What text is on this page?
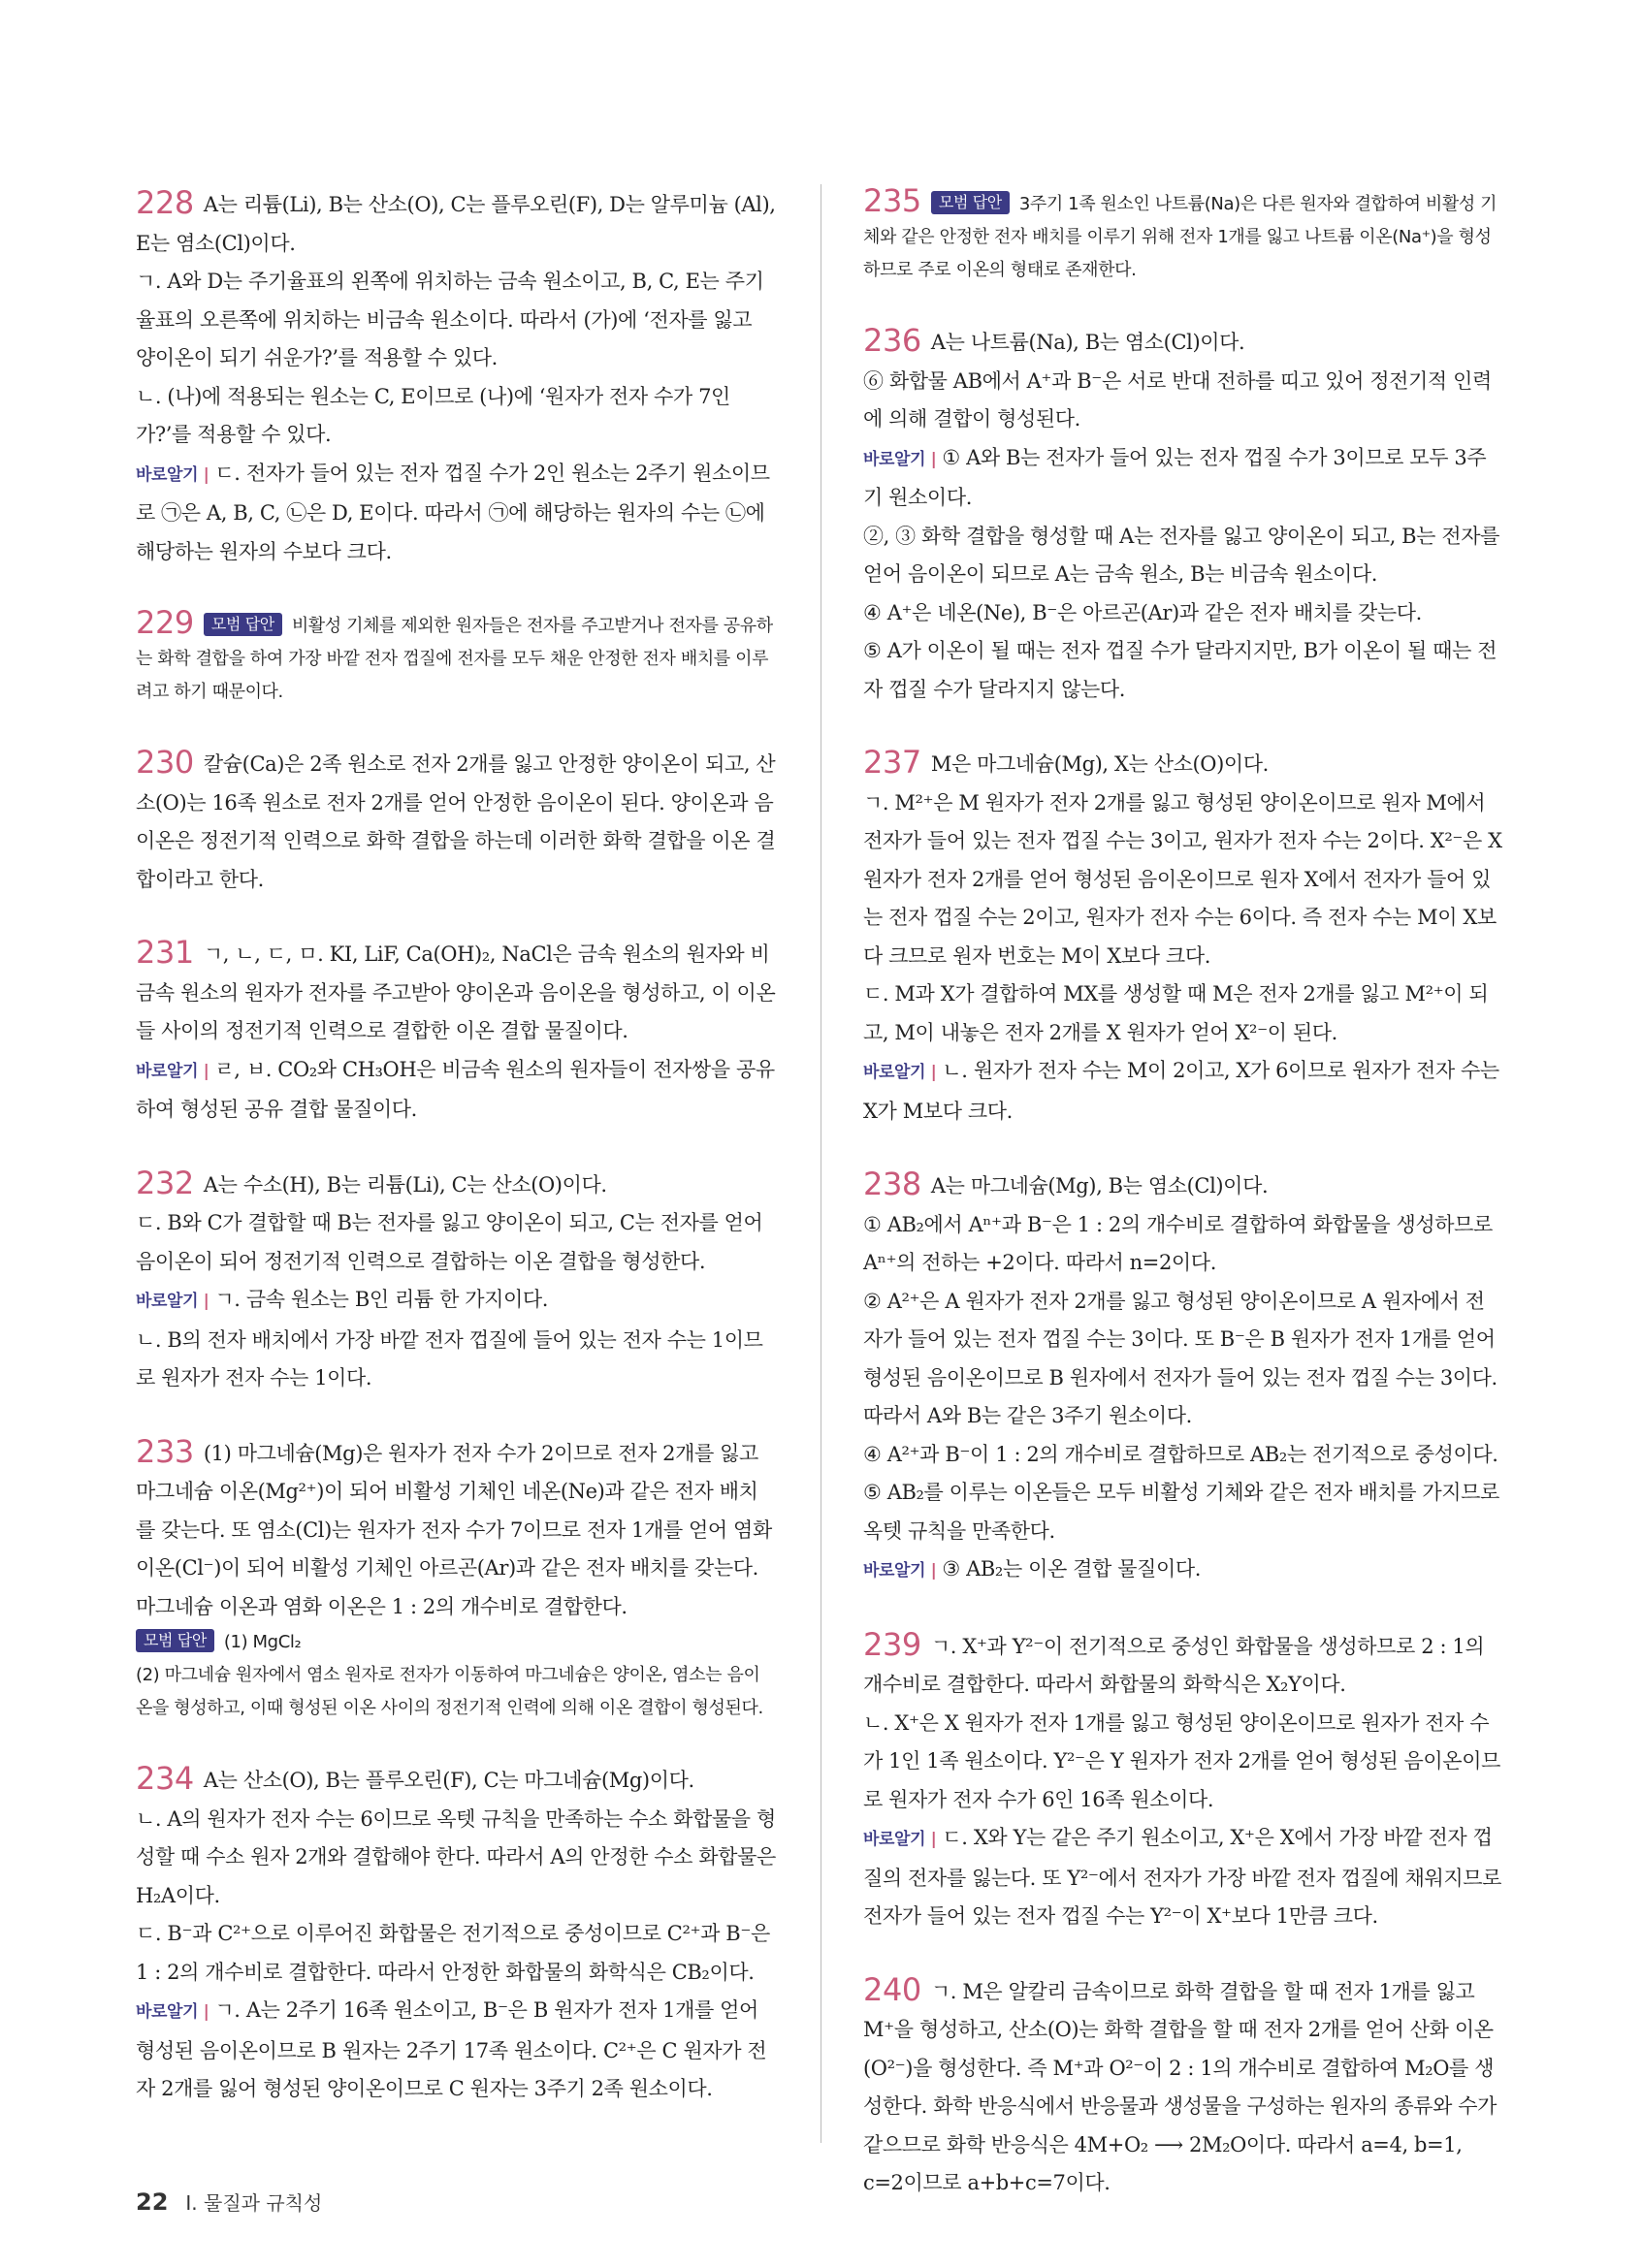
228 A는 리튬(Li), B는 산소(O), C는 플루오린(F), D는 알루미늄 (Al), E는 염소(Cl)이다.

ㄱ. A와 D는 주기율표의 왼쪽에 위치하는 금속 원소이고, B, C, E는 주기율표의 오른쪽에 위치하는 비금속 원소이다. 따라서 (가)에 ‘전자를 잃고 양이온이 되기 쉬운가?’를 적용할 수 있다.

ㄴ. (나)에 적용되는 원소는 C, E이므로 (나)에 ‘원자가 전자 수가 7인가?’를 적용할 수 있다.

바로알기 | ㄷ. 전자가 들어 있는 전자 껍질 수가 2인 원소는 2주기 원소이므로 ㉠은 A, B, C, ㉡은 D, E이다. 따라서 ㉠에 해당하는 원자의 수는 ㉡에 해당하는 원자의 수보다 크다.

229 모범 답안 비활성 기체를 제외한 원자들은 전자를 주고받거나 전자를 공유하는 화학 결합을 하여 가장 바깥 전자 껍질에 전자를 모두 채운 안정한 전자 배치를 이루려고 하기 때문이다.

230 칼슘(Ca)은 2족 원소로 전자 2개를 잃고 안정한 양이온이 되고, 산소(O)는 16족 원소로 전자 2개를 얻어 안정한 음이온이 된다. 양이온과 음이온은 정전기적 인력으로 화학 결합을 하는데 이러한 화학 결합을 이온 결합이라고 한다.

231 ㄱ, ㄴ, ㄷ, ㅁ. KI, LiF, Ca(OH)₂, NaCl은 금속 원소의 원자와 비금속 원소의 원자가 전자를 주고받아 양이온과 음이온을 형성하고, 이 이온들 사이의 정전기적 인력으로 결합한 이온 결합 물질이다.

바로알기 | ㄹ, ㅂ. CO₂와 CH₃OH은 비금속 원소의 원자들이 전자쌍을 공유하여 형성된 공유 결합 물질이다.

232 A는 수소(H), B는 리튬(Li), C는 산소(O)이다.

ㄷ. B와 C가 결합할 때 B는 전자를 잃고 양이온이 되고, C는 전자를 얻어 음이온이 되어 정전기적 인력으로 결합하는 이온 결합을 형성한다.

바로알기 | ㄱ. 금속 원소는 B인 리튬 한 가지이다.

ㄴ. B의 전자 배치에서 가장 바깥 전자 껍질에 들어 있는 전자 수는 1이므로 원자가 전자 수는 1이다.

233 (1) 마그네슘(Mg)은 원자가 전자 수가 2이므로 전자 2개를 잃고 마그네슘 이온(Mg²⁺)이 되어 비활성 기체인 네온(Ne)과 같은 전자 배치를 갖는다. 또 염소(Cl)는 원자가 전자 수가 7이므로 전자 1개를 얻어 염화 이온(Cl⁻)이 되어 비활성 기체인 아르곤(Ar)과 같은 전자 배치를 갖는다. 마그네슘 이온과 염화 이온은 1 : 2의 개수비로 결합한다.

모범 답안 (1) MgCl₂

(2) 마그네슘 원자에서 염소 원자로 전자가 이동하여 마그네슘은 양이온, 염소는 음이온을 형성하고, 이때 형성된 이온 사이의 정전기적 인력에 의해 이온 결합이 형성된다.

234 A는 산소(O), B는 플루오린(F), C는 마그네슘(Mg)이다.

ㄴ. A의 원자가 전자 수는 6이므로 옥텟 규칙을 만족하는 수소 화합물을 형성할 때 수소 원자 2개와 결합해야 한다. 따라서 A의 안정한 수소 화합물은 H₂A이다.

ㄷ. B⁻과 C²⁺으로 이루어진 화합물은 전기적으로 중성이므로 C²⁺과 B⁻은 1 : 2의 개수비로 결합한다. 따라서 안정한 화합물의 화학식은 CB₂이다.

바로알기 | ㄱ. A는 2주기 16족 원소이고, B⁻은 B 원자가 전자 1개를 얻어 형성된 음이온이므로 B 원자는 2주기 17족 원소이다. C²⁺은 C 원자가 전자 2개를 잃어 형성된 양이온이므로 C 원자는 3주기 2족 원소이다.

235 모범 답안 3주기 1족 원소인 나트륨(Na)은 다른 원자와 결합하여 비활성 기체와 같은 안정한 전자 배치를 이루기 위해 전자 1개를 잃고 나트륨 이온(Na⁺)을 형성하므로 주로 이온의 형태로 존재한다.

236 A는 나트륨(Na), B는 염소(Cl)이다.

⑥ 화합물 AB에서 A⁺과 B⁻은 서로 반대 전하를 띠고 있어 정전기적 인력에 의해 결합이 형성된다.

바로알기 | ① A와 B는 전자가 들어 있는 전자 껍질 수가 3이므로 모두 3주기 원소이다.

②, ③ 화학 결합을 형성할 때 A는 전자를 잃고 양이온이 되고, B는 전자를 얻어 음이온이 되므로 A는 금속 원소, B는 비금속 원소이다.

④ A⁺은 네온(Ne), B⁻은 아르곤(Ar)과 같은 전자 배치를 갖는다.

⑤ A가 이온이 될 때는 전자 껍질 수가 달라지지만, B가 이온이 될 때는 전자 껍질 수가 달라지지 않는다.

237 M은 마그네슘(Mg), X는 산소(O)이다.

ㄱ. M²⁺은 M 원자가 전자 2개를 잃고 형성된 양이온이므로 원자 M에서 전자가 들어 있는 전자 껍질 수는 3이고, 원자가 전자 수는 2이다. X²⁻은 X 원자가 전자 2개를 얻어 형성된 음이온이므로 원자 X에서 전자가 들어 있는 전자 껍질 수는 2이고, 원자가 전자 수는 6이다. 즉 전자 수는 M이 X보다 크므로 원자 번호는 M이 X보다 크다.

ㄷ. M과 X가 결합하여 MX를 생성할 때 M은 전자 2개를 잃고 M²⁺이 되고, M이 내놓은 전자 2개를 X 원자가 얻어 X²⁻이 된다.

바로알기 | ㄴ. 원자가 전자 수는 M이 2이고, X가 6이므로 원자가 전자 수는 X가 M보다 크다.

238 A는 마그네슘(Mg), B는 염소(Cl)이다.

① AB₂에서 Aⁿ⁺과 B⁻은 1 : 2의 개수비로 결합하여 화합물을 생성하므로 Aⁿ⁺의 전하는 +2이다. 따라서 n=2이다.

② A²⁺은 A 원자가 전자 2개를 잃고 형성된 양이온이므로 A 원자에서 전자가 들어 있는 전자 껍질 수는 3이다. 또 B⁻은 B 원자가 전자 1개를 얻어 형성된 음이온이므로 B 원자에서 전자가 들어 있는 전자 껍질 수는 3이다. 따라서 A와 B는 같은 3주기 원소이다.

④ A²⁺과 B⁻이 1 : 2의 개수비로 결합하므로 AB₂는 전기적으로 중성이다.

⑤ AB₂를 이루는 이온들은 모두 비활성 기체와 같은 전자 배치를 가지므로 옥텟 규칙을 만족한다.

바로알기 | ③ AB₂는 이온 결합 물질이다.

239 ㄱ. X⁺과 Y²⁻이 전기적으로 중성인 화합물을 생성하므로 2 : 1의 개수비로 결합한다. 따라서 화합물의 화학식은 X₂Y이다.

ㄴ. X⁺은 X 원자가 전자 1개를 잃고 형성된 양이온이므로 원자가 전자 수가 1인 1족 원소이다. Y²⁻은 Y 원자가 전자 2개를 얻어 형성된 음이온이므로 원자가 전자 수가 6인 16족 원소이다.

바로알기 | ㄷ. X와 Y는 같은 주기 원소이고, X⁺은 X에서 가장 바깥 전자 껍질의 전자를 잃는다. 또 Y²⁻에서 전자가 가장 바깥 전자 껍질에 채워지므로 전자가 들어 있는 전자 껍질 수는 Y²⁻이 X⁺보다 1만큼 크다.

240 ㄱ. M은 알칼리 금속이므로 화학 결합을 할 때 전자 1개를 잃고 M⁺을 형성하고, 산소(O)는 화학 결합을 할 때 전자 2개를 얻어 산화 이온(O²⁻)을 형성한다. 즉 M⁺과 O²⁻이 2 : 1의 개수비로 결합하여 M₂O를 생성한다. 화학 반응식에서 반응물과 생성물을 구성하는 원자의 종류와 수가 같으므로 화학 반응식은 4M+O₂ ⟶ 2M₂O이다. 따라서 a=4, b=1, c=2이므로 a+b+c=7이다.

22 Ⅰ. 물질과 규칙성
